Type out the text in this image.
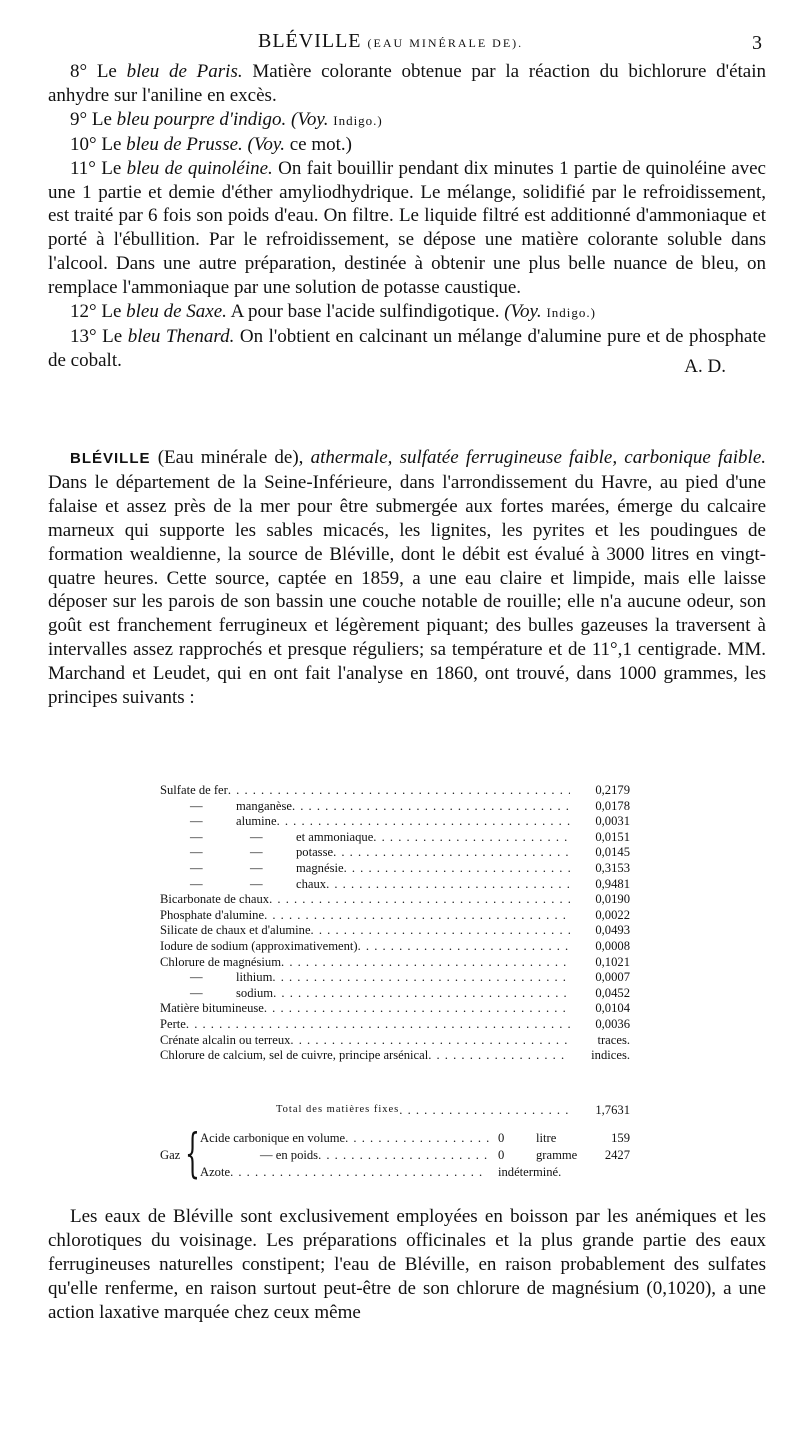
BLÉVILLE (EAU MINÉRALE DE).	3

8° Le bleu de Paris. Matière colorante obtenue par la réaction du bichlorure d'étain anhydre sur l'aniline en excès.

9° Le bleu pourpre d'indigo. (Voy. Indigo.)

10° Le bleu de Prusse. (Voy. ce mot.)

11° Le bleu de quinoléine. On fait bouillir pendant dix minutes 1 partie de quinoléine avec une 1 partie et demie d'éther amyliodhydrique. Le mélange, solidifié par le refroidissement, est traité par 6 fois son poids d'eau. On filtre. Le liquide filtré est additionné d'ammoniaque et porté à l'ébullition. Par le refroidissement, se dépose une matière colorante soluble dans l'alcool. Dans une autre préparation, destinée à obtenir une plus belle nuance de bleu, on remplace l'ammoniaque par une solution de potasse caustique.

12° Le bleu de Saxe. A pour base l'acide sulfindigotique. (Voy. Indigo.)

13° Le bleu Thenard. On l'obtient en calcinant un mélange d'alumine pure et de phosphate de cobalt.	A. D.

BLÉVILLE (Eau minérale de), athermale, sulfatée ferrugineuse faible, carbonique faible. Dans le département de la Seine-Inférieure, dans l'arrondissement du Havre, au pied d'une falaise et assez près de la mer pour être submergée aux fortes marées, émerge du calcaire marneux qui supporte les sables micacés, les lignites, les pyrites et les poudingues de formation wealdienne, la source de Bléville, dont le débit est évalué à 3000 litres en vingt-quatre heures. Cette source, captée en 1859, a une eau claire et limpide, mais elle laisse déposer sur les parois de son bassin une couche notable de rouille; elle n'a aucune odeur, son goût est franchement ferrugineux et légèrement piquant; des bulles gazeuses la traversent à intervalles assez rapprochés et presque réguliers; sa température et de 11°,1 centigrade. MM. Marchand et Leudet, qui en ont fait l'analyse en 1860, ont trouvé, dans 1000 grammes, les principes suivants :

Sulfate de fer . . .	0,2179
—	manganèse . . .	0,0178
—	alumine . . .	0,0031
—	—	et ammoniaque . . .	0,0151
—	—	potasse . . .	0,0145
—	—	magnésie . . .	0,3153
—	—	chaux . . .	0,9481
Bicarbonate de chaux . . .	0,0190
Phosphate d'alumine . . .	0,0022
Silicate de chaux et d'alumine . . .	0,0493
Iodure de sodium (approximativement) . . .	0,0008
Chlorure de magnésium . . .	0,1021
—	lithium . . .	0,0007
—	sodium . . .	0,0452
Matière bitumineuse . . .	0,0104
Perte . . .	0,0036
Crénate alcalin ou terreux . . .	traces.
Chlorure de calcium, sel de cuivre, principe arsénical . . .	indices.
Total des matières fixes . . .	1,7631
Gaz { Acide carbonique en volume . . .	0	litre	159
— en poids . . .	0	gramme	2427
Azote . . .	indéterminé.

Les eaux de Bléville sont exclusivement employées en boisson par les anémiques et les chlorotiques du voisinage. Les préparations officinales et la plus grande partie des eaux ferrugineuses naturelles constipent; l'eau de Bléville, en raison probablement des sulfates qu'elle renferme, en raison surtout peut-être de son chlorure de magnésium (0,1020), a une action laxative marquée chez ceux même
